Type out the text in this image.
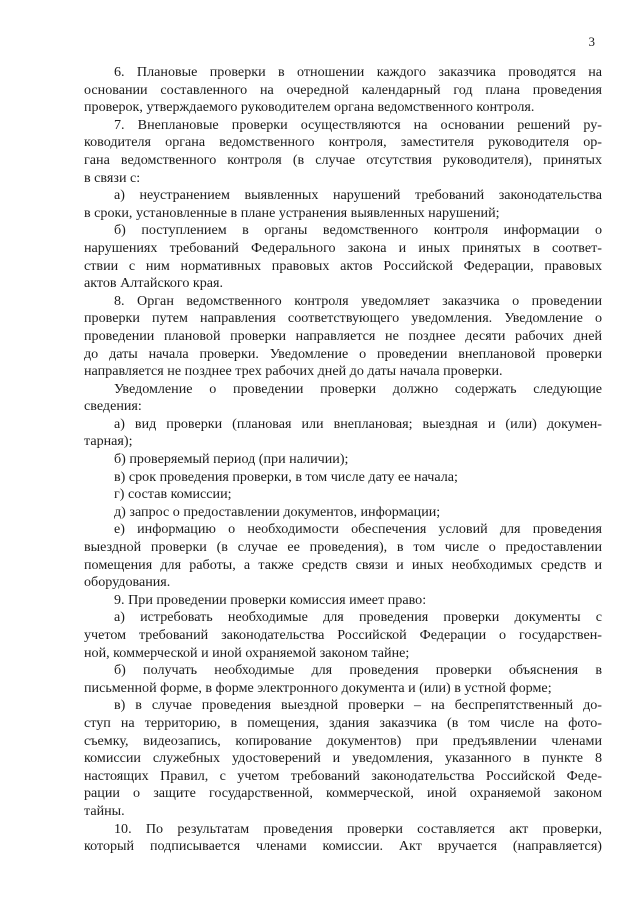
3
6. Плановые проверки в отношении каждого заказчика проводятся на
основании составленного на очередной календарный год плана проведения
проверок, утверждаемого руководителем органа ведомственного контроля.
7. Внеплановые проверки осуществляются на основании решений ру-
ководителя органа ведомственного контроля, заместителя руководителя ор-
гана ведомственного контроля (в случае отсутствия руководителя), принятых
в связи с:
а) неустранением выявленных нарушений требований законодательства
в сроки, установленные в плане устранения выявленных нарушений;
б) поступлением в органы ведомственного контроля информации о
нарушениях требований Федерального закона и иных принятых в соответ-
ствии с ним нормативных правовых актов Российской Федерации, правовых
актов Алтайского края.
8. Орган ведомственного контроля уведомляет заказчика о проведении
проверки путем направления соответствующего уведомления. Уведомление о
проведении плановой проверки направляется не позднее десяти рабочих дней
до даты начала проверки. Уведомление о проведении внеплановой проверки
направляется не позднее трех рабочих дней до даты начала проверки.
Уведомление о проведении проверки должно содержать следующие
сведения:
а) вид проверки (плановая или внеплановая; выездная и (или) докумен-
тарная);
б) проверяемый период (при наличии);
в) срок проведения проверки, в том числе дату ее начала;
г) состав комиссии;
д) запрос о предоставлении документов, информации;
е) информацию о необходимости обеспечения условий для проведения
выездной проверки (в случае ее проведения), в том числе о предоставлении
помещения для работы, а также средств связи и иных необходимых средств и
оборудования.
9. При проведении проверки комиссия имеет право:
а) истребовать необходимые для проведения проверки документы с
учетом требований законодательства Российской Федерации о государствен-
ной, коммерческой и иной охраняемой законом тайне;
б) получать необходимые для проведения проверки объяснения в
письменной форме, в форме электронного документа и (или) в устной форме;
в) в случае проведения выездной проверки – на беспрепятственный до-
ступ на территорию, в помещения, здания заказчика (в том числе на фото-
съемку, видеозапись, копирование документов) при предъявлении членами
комиссии служебных удостоверений и уведомления, указанного в пункте 8
настоящих Правил, с учетом требований законодательства Российской Феде-
рации о защите государственной, коммерческой, иной охраняемой законом
тайны.
10. По результатам проведения проверки составляется акт проверки,
который подписывается членами комиссии. Акт вручается (направляется)
